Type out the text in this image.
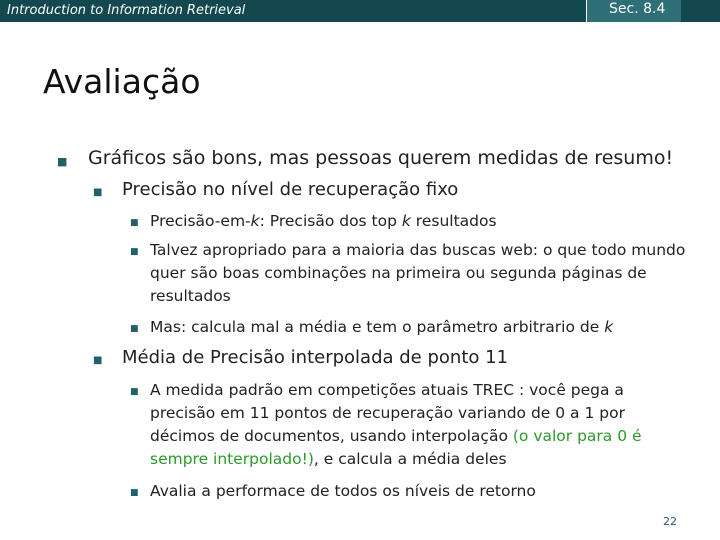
Introduction to Information Retrieval	Sec. 8.4
Avaliação
■	Gráficos são bons, mas pessoas querem medidas de resumo!
■	Precisão no nível de recuperação fixo
■ Precisão-em-k: Precisão dos top k resultados
■ Talvez apropriado para a maioria das buscas web: o que todo mundo quer são boas combinações na primeira ou segunda páginas de resultados
■ Mas: calcula mal a média e tem o parâmetro arbitrario de k
■	Média de Precisão interpolada de ponto 11
■ A medida padrão em competições atuais TREC : você pega a precisão em 11 pontos de recuperação variando de 0 a 1 por décimos de documentos, usando interpolação (o valor para 0 é sempre interpolado!), e calcula a média deles
■ Avalia a performace de todos os níveis de retorno
22
